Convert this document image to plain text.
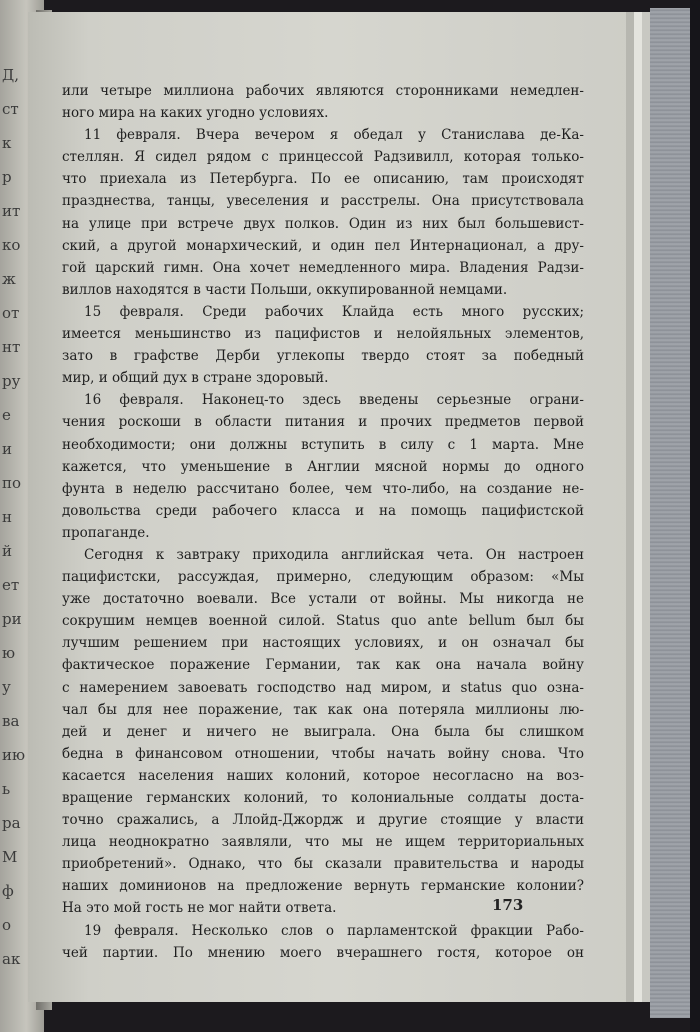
Д,
ст
к
р
ит
ко
ж
от
нт
ру
е
и
по
н
й
ет
ри
ю
у
ва
ию
ь
ра
М
ф
о
ак
или четыре миллиона рабочих являются сторонниками немедлен-
ного мира на каких угодно условиях.
11 февраля. Вчера вечером я обедал у Станислава де-Ка-
стеллян. Я сидел рядом с принцессой Радзивилл, которая только-
что приехала из Петербурга. По ее описанию, там происходят
празднества, танцы, увеселения и расстрелы. Она присутствовала
на улице при встрече двух полков. Один из них был большевист-
ский, а другой монархический, и один пел Интернационал, а дру-
гой царский гимн. Она хочет немедленного мира. Владения Радзи-
виллов находятся в части Польши, оккупированной немцами.
15 февраля. Среди рабочих Клайда есть много русских;
имеется меньшинство из пацифистов и нелойяльных элементов,
зато в графстве Дерби углекопы твердо стоят за победный
мир, и общий дух в стране здоровый.
16 февраля. Наконец-то здесь введены серьезные ограни-
чения роскоши в области питания и прочих предметов первой
необходимости; они должны вступить в силу с 1 марта. Мне
кажется, что уменьшение в Англии мясной нормы до одного
фунта в неделю рассчитано более, чем что-либо, на создание не-
довольства среди рабочего класса и на помощь пацифистской
пропаганде.
Сегодня к завтраку приходила английская чета. Он настроен
пацифистски, рассуждая, примерно, следующим образом: «Мы
уже достаточно воевали. Все устали от войны. Мы никогда не
сокрушим немцев военной силой. Status quo ante bellum был бы
лучшим решением при настоящих условиях, и он означал бы
фактическое поражение Германии, так как она начала войну
с намерением завоевать господство над миром, и status quo озна-
чал бы для нее поражение, так как она потеряла миллионы лю-
дей и денег и ничего не выиграла. Она была бы слишком
бедна в финансовом отношении, чтобы начать войну снова. Что
касается населения наших колоний, которое несогласно на воз-
вращение германских колоний, то колониальные солдаты доста-
точно сражались, а Ллойд-Джордж и другие стоящие у власти
лица неоднократно заявляли, что мы не ищем территориальных
приобретений». Однако, что бы сказали правительства и народы
наших доминионов на предложение вернуть германские колонии?
На это мой гость не мог найти ответа.
19 февраля. Несколько слов о парламентской фракции Рабо-
чей партии. По мнению моего вчерашнего гостя, которое он
173
